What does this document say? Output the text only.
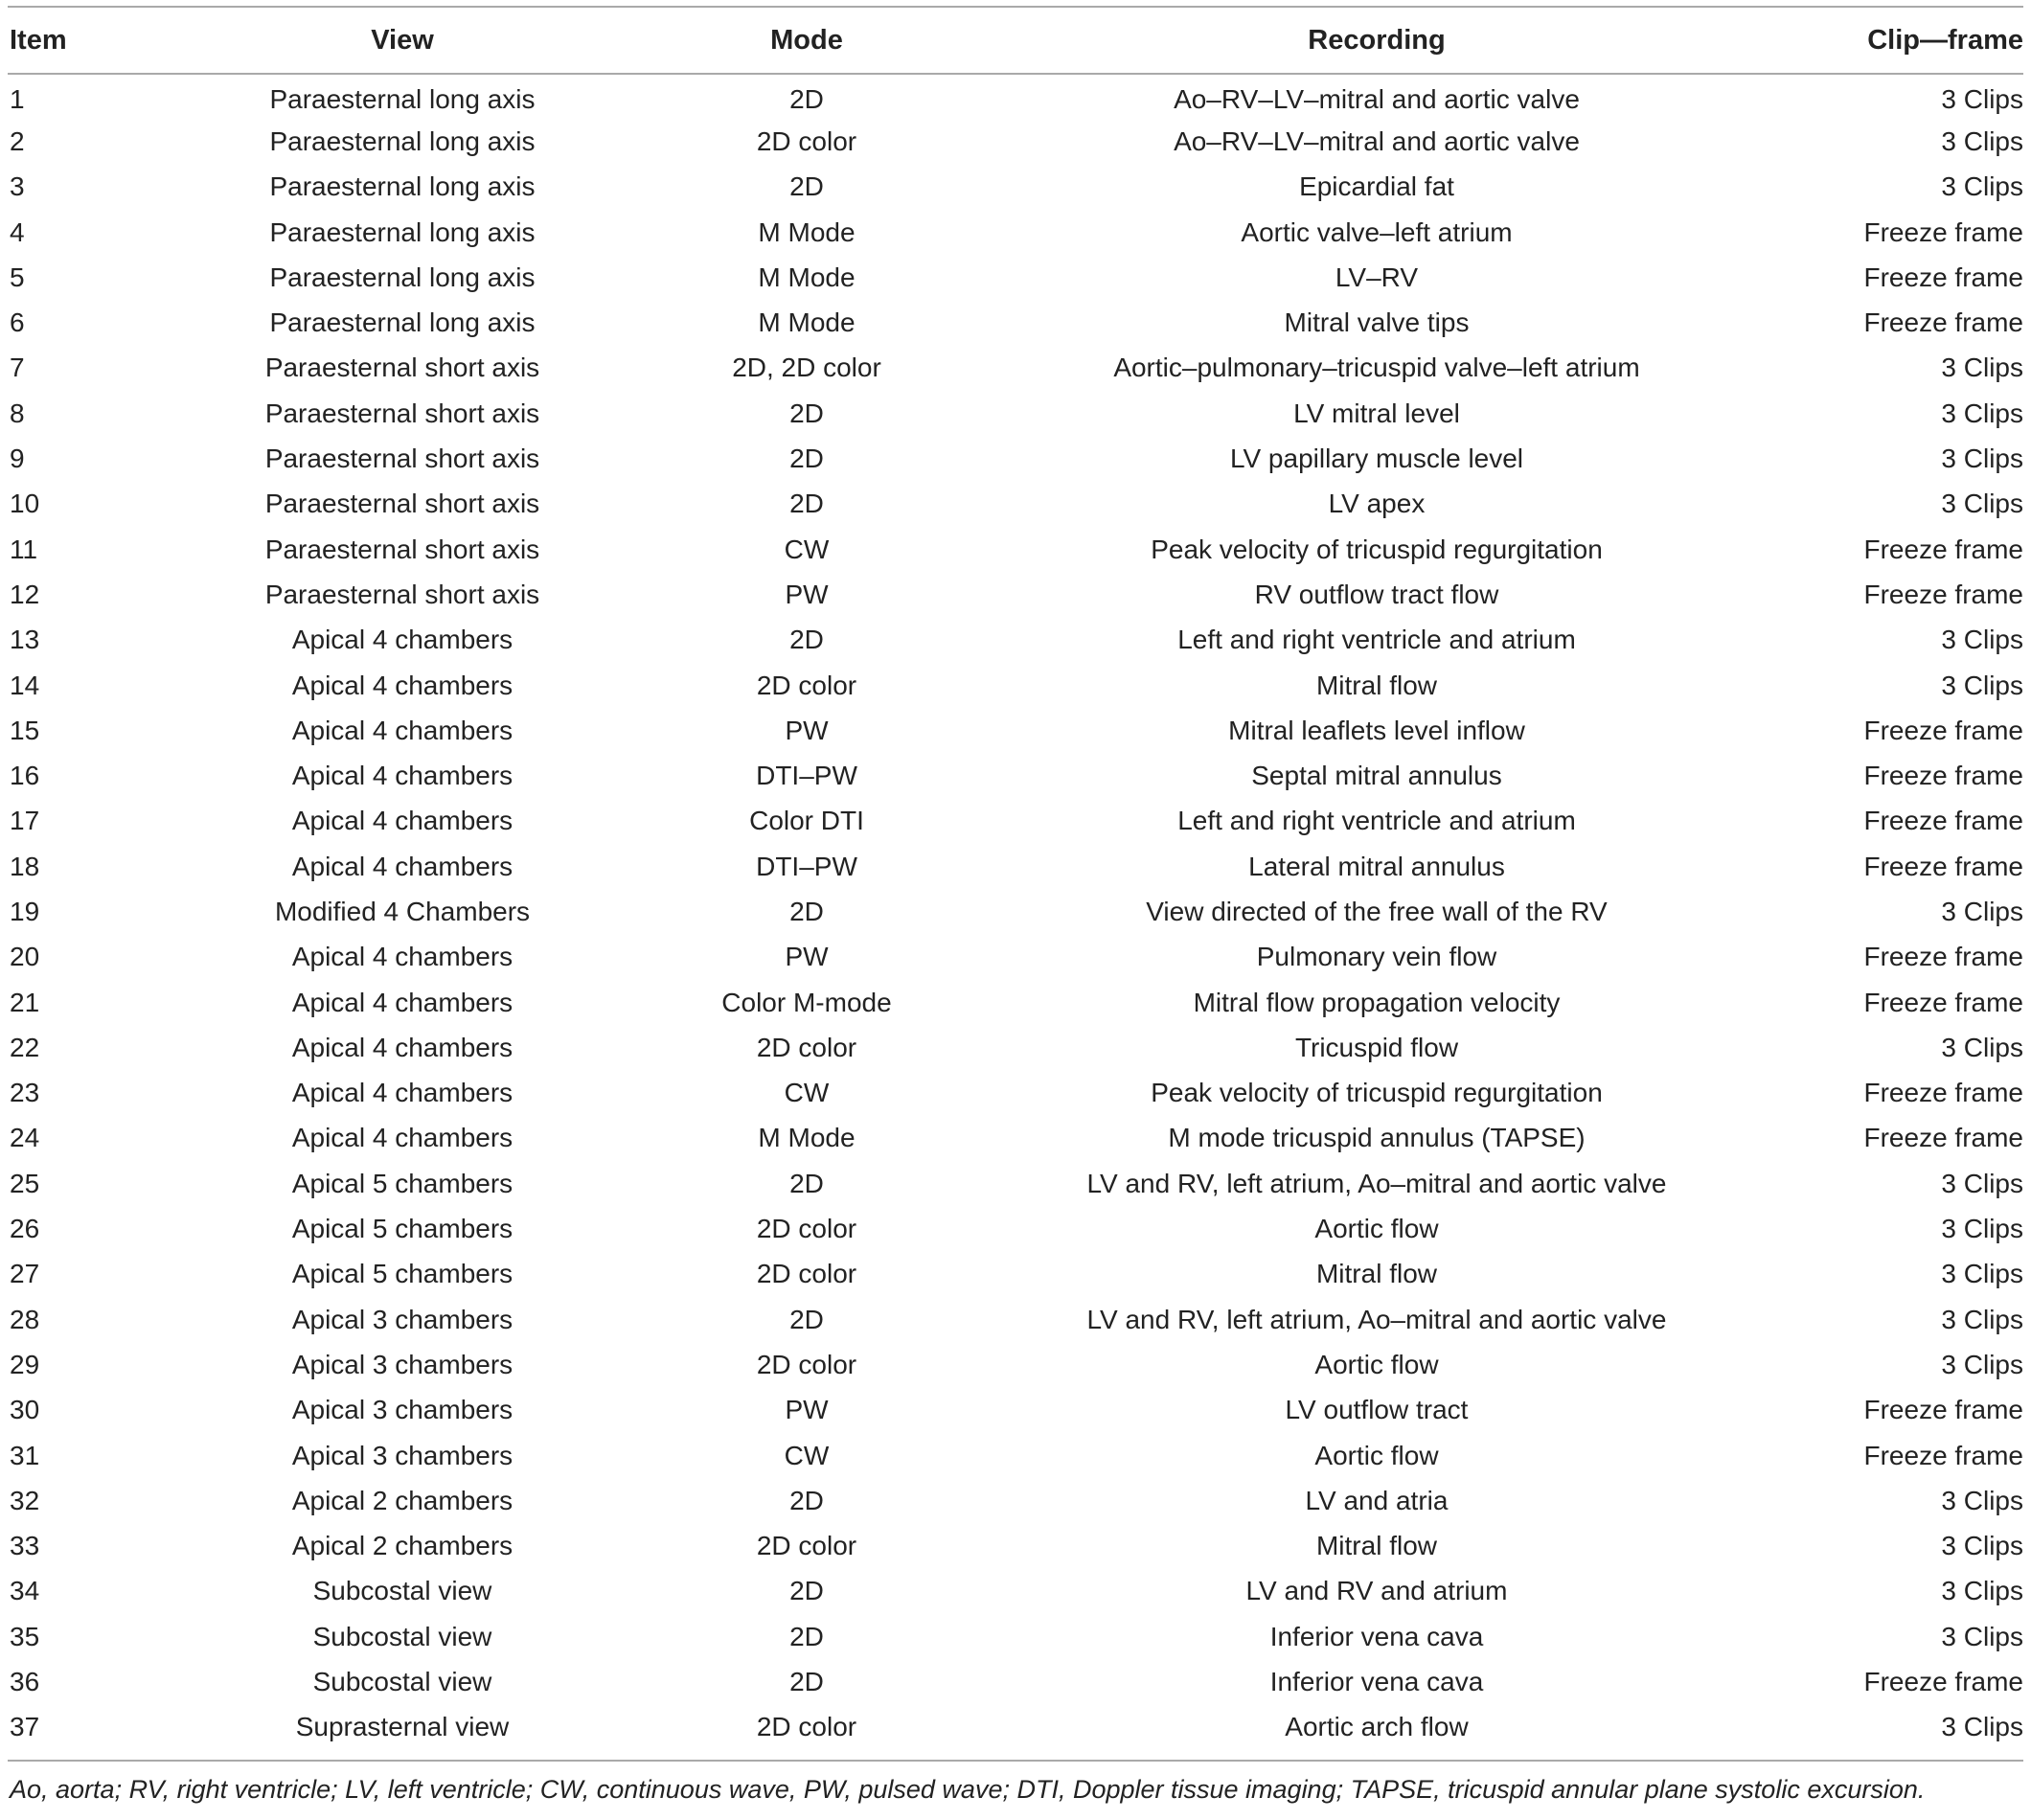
Item	View	Mode	Recording	Clip—frame
1	Paraesternal long axis	2D	Ao–RV–LV–mitral and aortic valve	3 Clips
2	Paraesternal long axis	2D color	Ao–RV–LV–mitral and aortic valve	3 Clips
3	Paraesternal long axis	2D	Epicardial fat	3 Clips
4	Paraesternal long axis	M Mode	Aortic valve–left atrium	Freeze frame
5	Paraesternal long axis	M Mode	LV–RV	Freeze frame
6	Paraesternal long axis	M Mode	Mitral valve tips	Freeze frame
7	Paraesternal short axis	2D, 2D color	Aortic–pulmonary–tricuspid valve–left atrium	3 Clips
8	Paraesternal short axis	2D	LV mitral level	3 Clips
9	Paraesternal short axis	2D	LV papillary muscle level	3 Clips
10	Paraesternal short axis	2D	LV apex	3 Clips
11	Paraesternal short axis	CW	Peak velocity of tricuspid regurgitation	Freeze frame
12	Paraesternal short axis	PW	RV outflow tract flow	Freeze frame
13	Apical 4 chambers	2D	Left and right ventricle and atrium	3 Clips
14	Apical 4 chambers	2D color	Mitral flow	3 Clips
15	Apical 4 chambers	PW	Mitral leaflets level inflow	Freeze frame
16	Apical 4 chambers	DTI–PW	Septal mitral annulus	Freeze frame
17	Apical 4 chambers	Color DTI	Left and right ventricle and atrium	Freeze frame
18	Apical 4 chambers	DTI–PW	Lateral mitral annulus	Freeze frame
19	Modified 4 Chambers	2D	View directed of the free wall of the RV	3 Clips
20	Apical 4 chambers	PW	Pulmonary vein flow	Freeze frame
21	Apical 4 chambers	Color M-mode	Mitral flow propagation velocity	Freeze frame
22	Apical 4 chambers	2D color	Tricuspid flow	3 Clips
23	Apical 4 chambers	CW	Peak velocity of tricuspid regurgitation	Freeze frame
24	Apical 4 chambers	M Mode	M mode tricuspid annulus (TAPSE)	Freeze frame
25	Apical 5 chambers	2D	LV and RV, left atrium, Ao–mitral and aortic valve	3 Clips
26	Apical 5 chambers	2D color	Aortic flow	3 Clips
27	Apical 5 chambers	2D color	Mitral flow	3 Clips
28	Apical 3 chambers	2D	LV and RV, left atrium, Ao–mitral and aortic valve	3 Clips
29	Apical 3 chambers	2D color	Aortic flow	3 Clips
30	Apical 3 chambers	PW	LV outflow tract	Freeze frame
31	Apical 3 chambers	CW	Aortic flow	Freeze frame
32	Apical 2 chambers	2D	LV and atria	3 Clips
33	Apical 2 chambers	2D color	Mitral flow	3 Clips
34	Subcostal view	2D	LV and RV and atrium	3 Clips
35	Subcostal view	2D	Inferior vena cava	3 Clips
36	Subcostal view	2D	Inferior vena cava	Freeze frame
37	Suprasternal view	2D color	Aortic arch flow	3 Clips
Ao, aorta; RV, right ventricle; LV, left ventricle; CW, continuous wave, PW, pulsed wave; DTI, Doppler tissue imaging; TAPSE, tricuspid annular plane systolic excursion.
